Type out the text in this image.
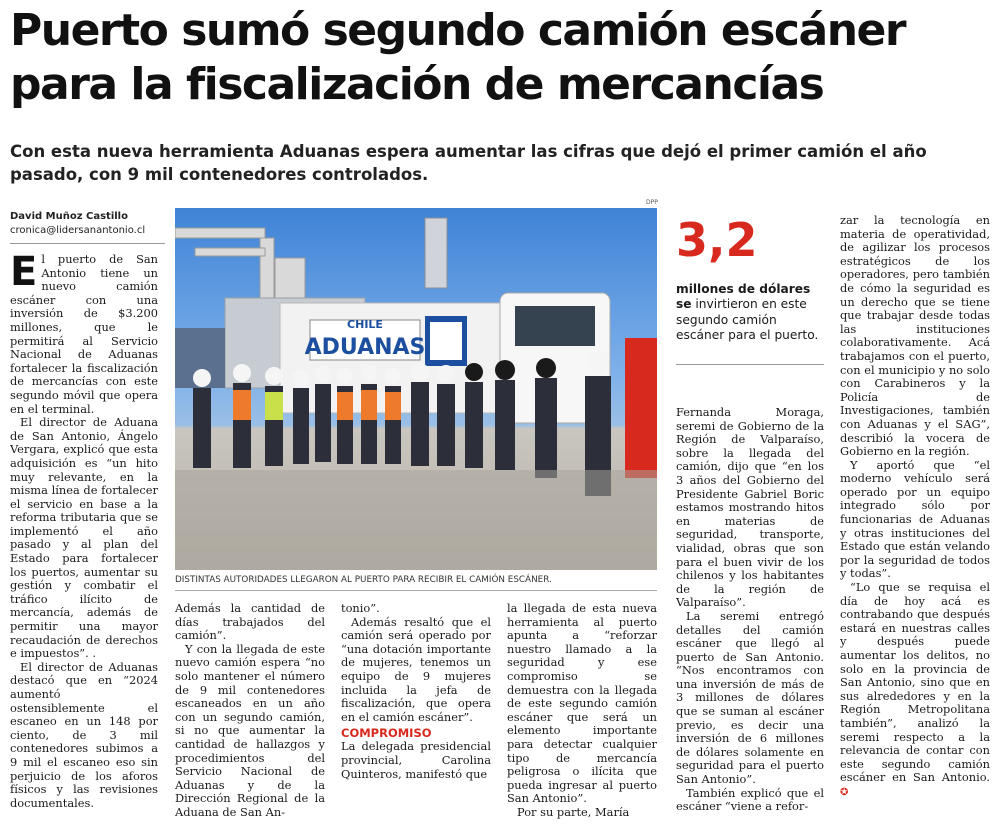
Puerto sumó segundo camión escáner
para la fiscalización de mercancías

Con esta nueva herramienta Aduanas espera aumentar las cifras que dejó el primer camión el año pasado, con 9 mil contenedores controlados.

David Muñoz Castillo
cronica@lidersanantonio.cl

El puerto de San Antonio tiene un nuevo camión escáner con una inversión de $3.200 millones, que le permitirá al Servicio Nacional de Aduanas fortalecer la fiscalización de mercancías con este segundo móvil que opera en el terminal.

El director de Aduana de San Antonio, Ángelo Vergara, explicó que esta adquisición es “un hito muy relevante, en la misma línea de fortalecer el servicio en base a la reforma tributaria que se implementó el año pasado y al plan del Estado para fortalecer los puertos, aumentar su gestión y combatir el tráfico ilícito de mercancía, además de permitir una mayor recaudación de derechos e impuestos”. .

El director de Aduanas destacó que en “2024 aumentó ostensiblemente el escaneo en un 148 por ciento, de 3 mil contenedores subimos a 9 mil el escaneo eso sin perjuicio de los aforos físicos y las revisiones documentales.

DPP
CHILE
ADUANAS
DISTINTAS AUTORIDADES LLEGARON AL PUERTO PARA RECIBIR EL CAMIÓN ESCÁNER.

Además la cantidad de días trabajados del camión”.

Y con la llegada de este nuevo camión espera “no solo mantener el número de 9 mil contenedores escaneados en un año con un segundo camión, si no que aumentar la cantidad de hallazgos y procedimientos del Servicio Nacional de Aduanas y de la Dirección Regional de la Aduana de San An-

tonio”.

Además resaltó que el camión será operado por “una dotación importante de mujeres, tenemos un equipo de 9 mujeres incluida la jefa de fiscalización, que opera en el camión escáner”.

COMPROMISO

La delegada presidencial provincial, Carolina Quinteros, manifestó que

la llegada de esta nueva herramienta al puerto apunta a “reforzar nuestro llamado a la seguridad y ese compromiso se demuestra con la llegada de este segundo camión escáner que será un elemento importante para detectar cualquier tipo de mercancía peligrosa o ilícita que pueda ingresar al puerto San Antonio”.

Por su parte, María

3,2
millones de dólares se invirtieron en este segundo camión escáner para el puerto.

Fernanda Moraga, seremi de Gobierno de la Región de Valparaíso, sobre la llegada del camión, dijo que “en los 3 años del Gobierno del Presidente Gabriel Boric estamos mostrando hitos en materias de seguridad, transporte, vialidad, obras que son para el buen vivir de los chilenos y los habitantes de la región de Valparaíso”.

La seremi entregó detalles del camión escáner que llegó al puerto de San Antonio. “Nos encontramos con una inversión de más de 3 millones de dólares que se suman al escáner previo, es decir una inversión de 6 millones de dólares solamente en seguridad para el puerto San Antonio”.

También explicó que el escáner “viene a refor-

zar la tecnología en materia de operatividad, de agilizar los procesos estratégicos de los operadores, pero también de cómo la seguridad es un derecho que se tiene que trabajar desde todas las instituciones colaborativamente. Acá trabajamos con el puerto, con el municipio y no solo con Carabineros y la Policía de Investigaciones, también con Aduanas y el SAG”, describió la vocera de Gobierno en la región.

Y aportó que “el moderno vehículo será operado por un equipo integrado sólo por funcionarias de Aduanas y otras instituciones del Estado que están velando por la seguridad de todos y todas”.

“Lo que se requisa el día de hoy acá es contrabando que después estará en nuestras calles y después puede aumentar los delitos, no solo en la provincia de San Antonio, sino que en sus alrededores y en la Región Metropolitana también”, analizó la seremi respecto a la relevancia de contar con este segundo camión escáner en San Antonio. ✪
